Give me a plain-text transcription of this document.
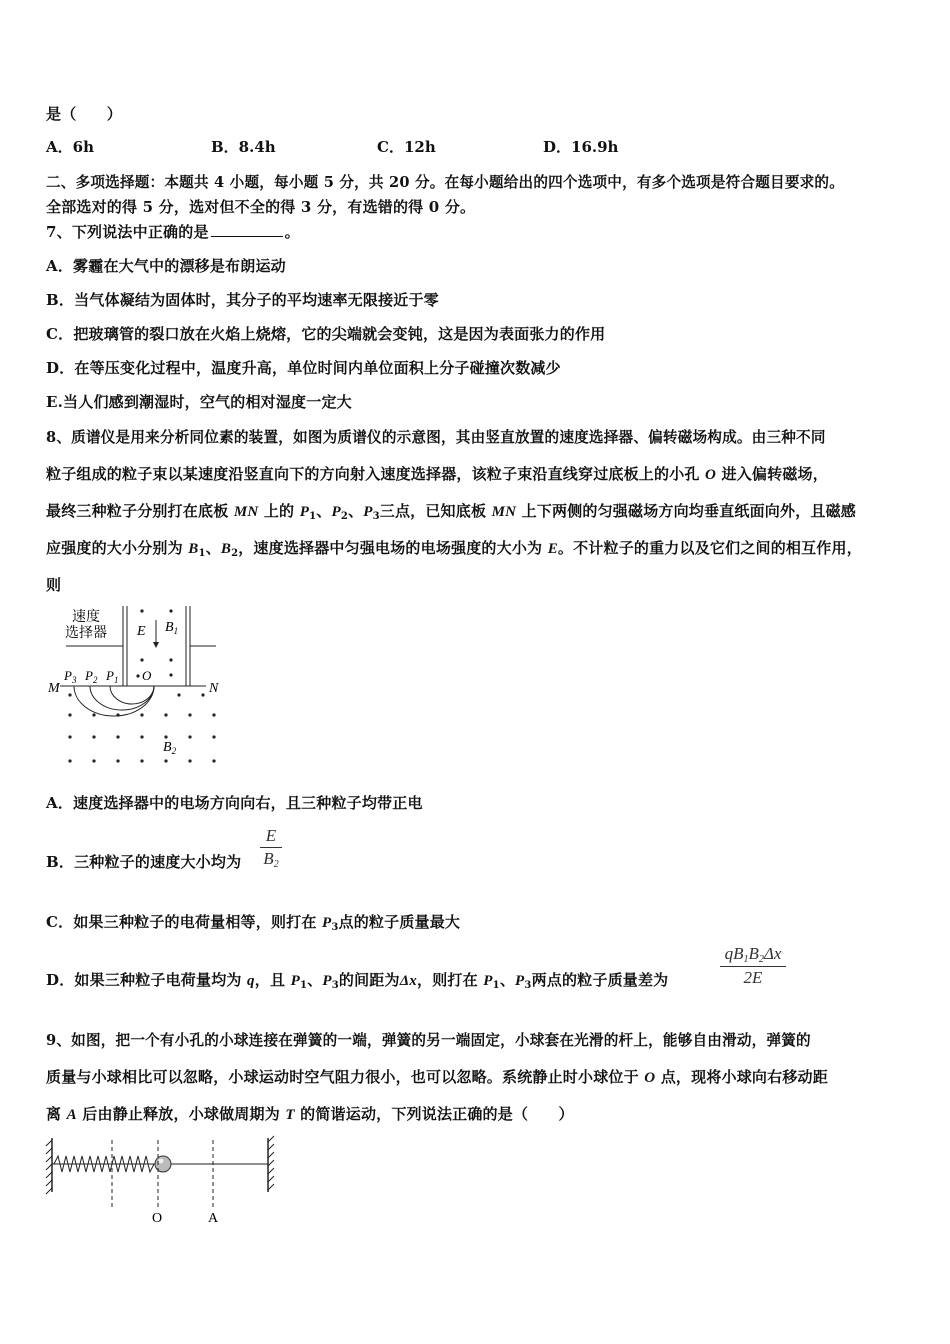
是（　　）
A．6h	B．8.4h	C．12h	D．16.9h
二、多项选择题：本题共 4 小题，每小题 5 分，共 20 分。在每小题给出的四个选项中，有多个选项是符合题目要求的。
全部选对的得 5 分，选对但不全的得 3 分，有选错的得 0 分。
7、下列说法中正确的是	。
A．雾霾在大气中的漂移是布朗运动
B．当气体凝结为固体时，其分子的平均速率无限接近于零
C．把玻璃管的裂口放在火焰上烧熔，它的尖端就会变钝，这是因为表面张力的作用
D．在等压变化过程中，温度升高，单位时间内单位面积上分子碰撞次数减少
E.当人们感到潮湿时，空气的相对湿度一定大
8、质谱仪是用来分析同位素的装置，如图为质谱仪的示意图，其由竖直放置的速度选择器、偏转磁场构成。由三种不同
粒子组成的粒子束以某速度沿竖直向下的方向射入速度选择器，该粒子束沿直线穿过底板上的小孔 O 进入偏转磁场，
最终三种粒子分别打在底板 MN 上的 $P_1$、$P_2$、$P_3$三点，已知底板 MN 上下两侧的匀强磁场方向均垂直纸面向外，且磁感
应强度的大小分别为 $B_1$、$B_2$，速度选择器中匀强电场的电场强度的大小为 E。不计粒子的重力以及它们之间的相互作用，
则
速度
选择器 E $B_1$
M	N
$P_3$ $P_2$ $P_1$ O
$B_2$
A．速度选择器中的电场方向向右，且三种粒子均带正电
B．三种粒子的速度大小均为
E
$B_2$
C．如果三种粒子的电荷量相等，则打在 $P_3$点的粒子质量最大
D．如果三种粒子电荷量均为 q，且 $P_1$、$P_3$的间距为Δx，则打在 $P_1$、$P_3$两点的粒子质量差为
$qB_1B_2\Delta x$
2E
9、如图，把一个有小孔的小球连接在弹簧的一端，弹簧的另一端固定，小球套在光滑的杆上，能够自由滑动，弹簧的
质量与小球相比可以忽略，小球运动时空气阻力很小，也可以忽略。系统静止时小球位于 O 点，现将小球向右移动距
离 A 后由静止释放，小球做周期为 T 的简谐运动，下列说法正确的是（　　）
O	A
